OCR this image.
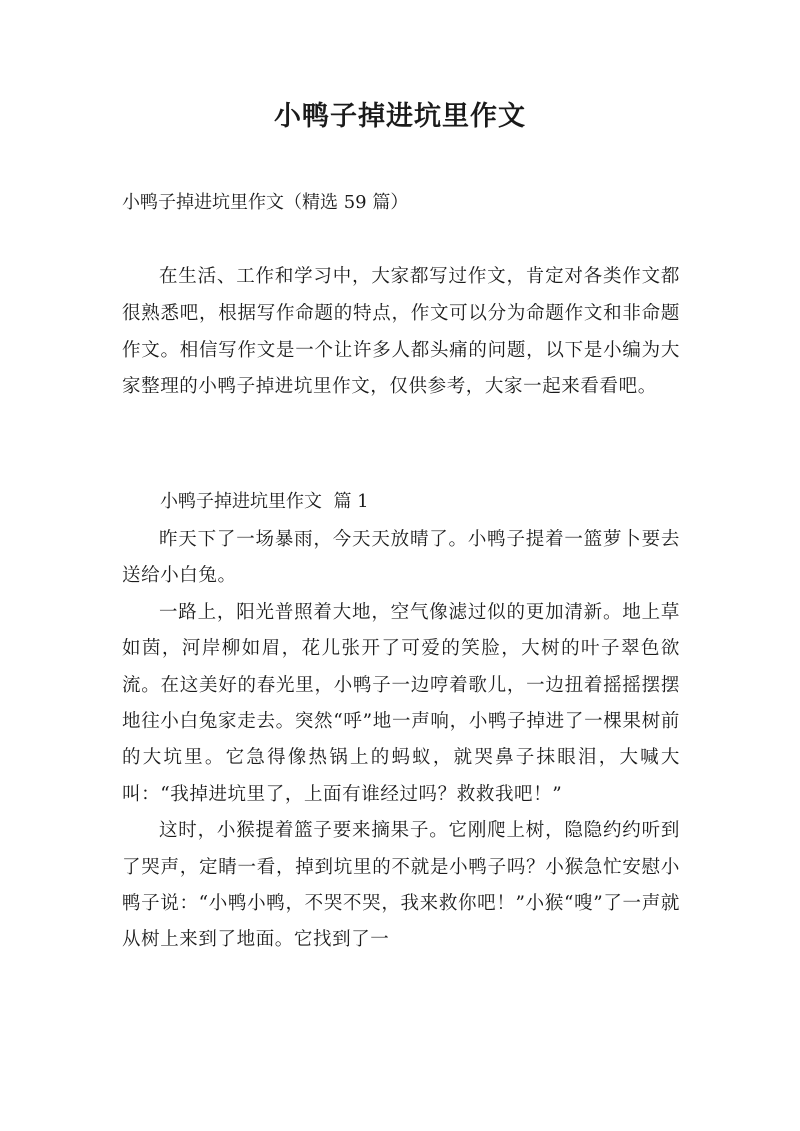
小鸭子掉进坑里作文

小鸭子掉进坑里作文（精选 59 篇）

在生活、工作和学习中，大家都写过作文，肯定对各类作文都很熟悉吧，根据写作命题的特点，作文可以分为命题作文和非命题作文。相信写作文是一个让许多人都头痛的问题，以下是小编为大家整理的小鸭子掉进坑里作文，仅供参考，大家一起来看看吧。

小鸭子掉进坑里作文  篇 1

昨天下了一场暴雨，今天天放晴了。小鸭子提着一篮萝卜要去送给小白兔。

一路上，阳光普照着大地，空气像滤过似的更加清新。地上草如茵，河岸柳如眉，花儿张开了可爱的笑脸，大树的叶子翠色欲流。在这美好的春光里，小鸭子一边哼着歌儿，一边扭着摇摇摆摆地往小白兔家走去。突然“呼”地一声响，小鸭子掉进了一棵果树前的大坑里。它急得像热锅上的蚂蚁，就哭鼻子抹眼泪，大喊大叫：“我掉进坑里了，上面有谁经过吗？救救我吧！”

这时，小猴提着篮子要来摘果子。它刚爬上树，隐隐约约听到了哭声，定睛一看，掉到坑里的不就是小鸭子吗？小猴急忙安慰小鸭子说：“小鸭小鸭，不哭不哭，我来救你吧！”小猴“嗖”了一声就从树上来到了地面。它找到了一
